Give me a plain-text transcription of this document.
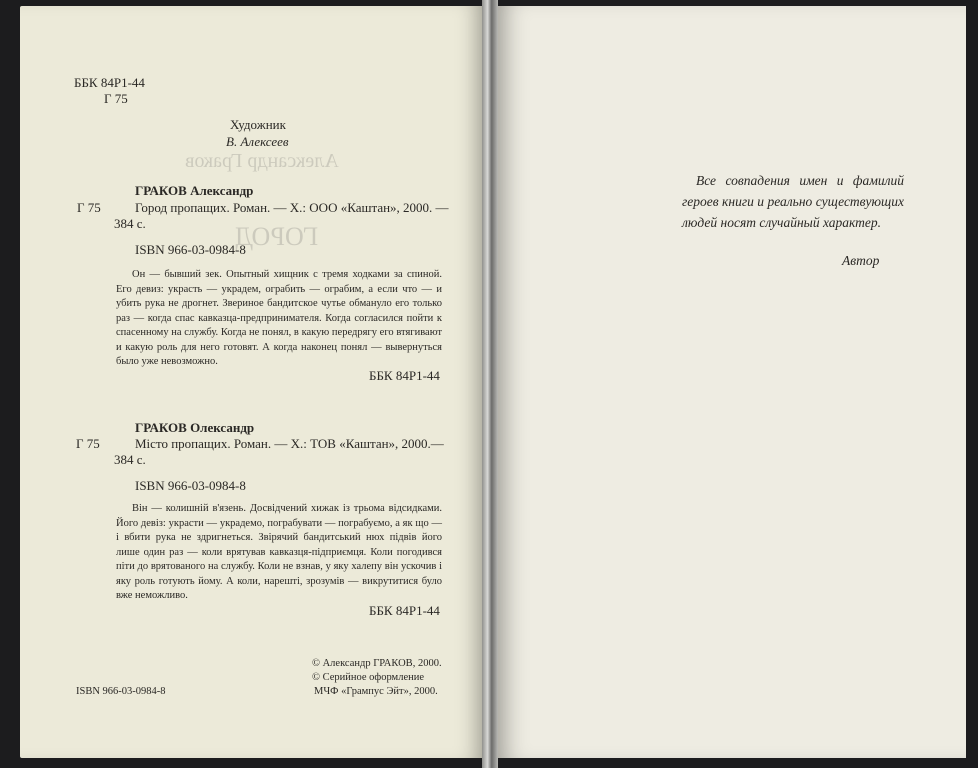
Александр Граков
ГОРОД
ББК 84Р1-44
Г 75
Художник
В. Алексеев
ГРАКОВ Александр
Г 75	Город пропащих. Роман. — Х.: ООО «Каштан», 2000. —
384 с.
ISBN 966-03-0984-8
Он — бывший зек. Опытный хищник с тремя ходками за спиной. Его девиз: украсть — украдем, ограбить — ограбим, а если что — и убить рука не дрогнет. Звериное бандитское чутье обмануло его только раз — когда спас кавказца-предпринимателя. Когда согласился пойти к спасенному на службу. Когда не понял, в какую передрягу его втягивают и какую роль для него готовят. А когда наконец понял — вывернуться было уже невозможно.
ББК 84Р1-44
ГРАКОВ Олександр
Г 75	Місто пропащих. Роман. — Х.: ТОВ «Каштан», 2000.—
384 с.
ISBN 966-03-0984-8
Він — колишній в'язень. Досвідчений хижак із трьома відсидками. Його девіз: украсти — украдемо, пограбувати — пограбуємо, а як що — і вбити рука не здригнеться. Звірячий бандитський нюх підвів його лише один раз — коли врятував кавказця-підприємця. Коли погодився піти до врятованого на службу. Коли не взнав, у яку халепу він ускочив і яку роль готують йому. А коли, нарешті, зрозумів — викрутитися було вже неможливо.
ББК 84Р1-44
© Александр ГРАКОВ, 2000.
© Серийное оформление
МЧФ «Грампус Эйт», 2000.
ISBN 966-03-0984-8
Все совпадения имен и фамилий героев книги и реально существующих людей носят случайный характер.
Автор
